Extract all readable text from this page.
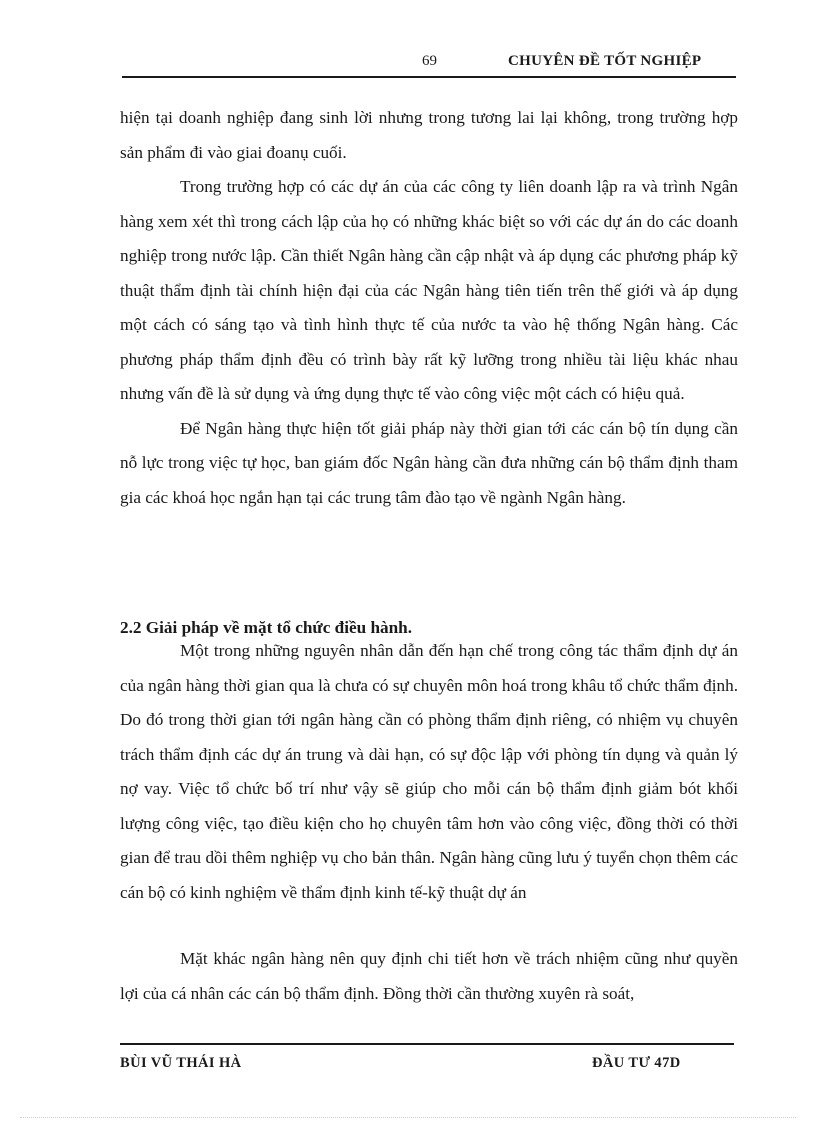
69	CHUYÊN ĐỀ TỐT NGHIỆP

hiện tại doanh nghiệp đang sinh lời nhưng trong tương lai lại không, trong trường hợp sản phẩm đi vào giai đoanụ cuối.

Trong trường hợp có các dự án của các công ty liên doanh lập ra và trình Ngân hàng xem xét thì trong cách lập của họ có những khác biệt so với các dự án do các doanh nghiệp trong nước lập. Cần thiết Ngân hàng cần cập nhật và áp dụng các phương pháp kỹ thuật thẩm định tài chính hiện đại của các Ngân hàng tiên tiến trên thế giới và áp dụng một cách có sáng tạo và tình hình thực tế của nước ta vào hệ thống Ngân hàng. Các phương pháp thẩm định đều có trình bày rất kỹ lưỡng trong nhiều tài liệu khác nhau nhưng vấn đề là sử dụng và ứng dụng thực tế vào công việc một cách có hiệu quả.

Để Ngân hàng thực hiện tốt giải pháp này thời gian tới các cán bộ tín dụng cần nỗ lực trong việc tự học, ban giám đốc Ngân hàng cần đưa những cán bộ thẩm định tham gia các khoá học ngắn hạn tại các trung tâm đào tạo về ngành Ngân hàng.

2.2 Giải pháp về mặt tổ chức điều hành.

Một trong những nguyên nhân dẫn đến hạn chế trong công tác thẩm định dự án của ngân hàng thời gian qua là chưa có sự chuyên môn hoá trong khâu tổ chức thẩm định. Do đó trong thời gian tới ngân hàng cần có phòng thẩm định riêng, có nhiệm vụ chuyên trách thẩm định các dự án trung và dài hạn, có sự độc lập với phòng tín dụng và quản lý nợ vay. Việc tổ chức bố trí như vậy sẽ giúp cho mỗi cán bộ thẩm định giảm bót khối lượng công việc, tạo điều kiện cho họ chuyên tâm hơn vào công việc, đồng thời có thời gian để trau dồi thêm nghiệp vụ cho bản thân. Ngân hàng cũng lưu ý tuyển chọn thêm các cán bộ có kinh nghiệm về thẩm định kinh tế-kỹ thuật dự án

Mặt khác ngân hàng nên quy định chi tiết hơn về trách nhiệm cũng như quyền lợi của cá nhân các cán bộ thẩm định. Đồng thời cần thường xuyên rà soát,

BÙI VŨ THÁI HÀ	ĐẦU TƯ 47D
